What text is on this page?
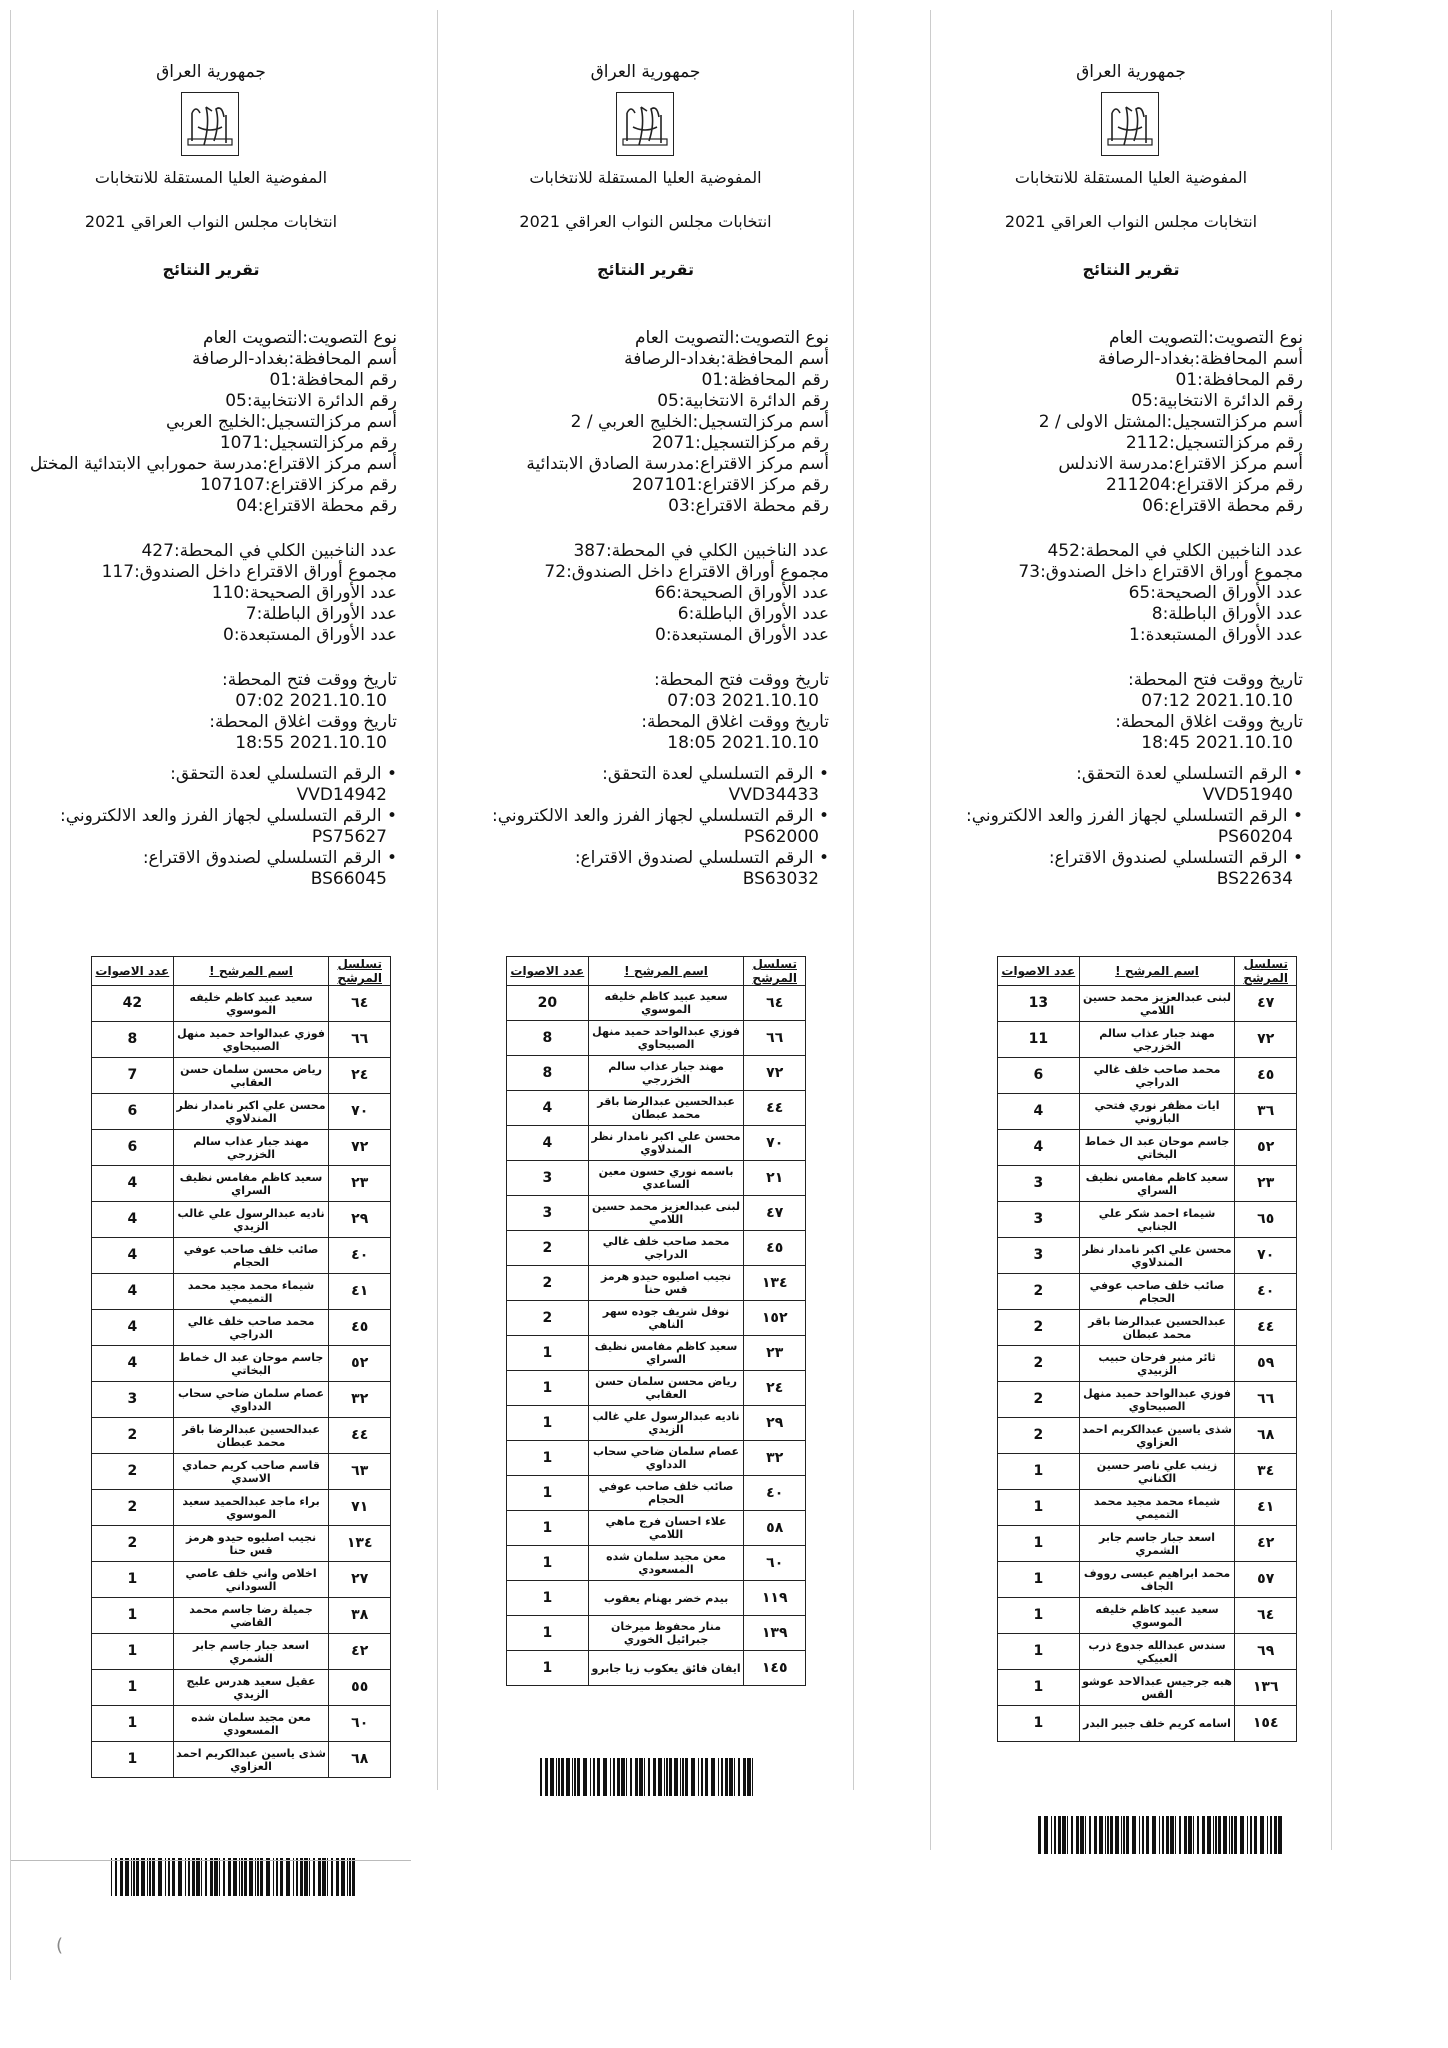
جمهورية العراق
المفوضية العليا المستقلة للانتخابات
انتخابات مجلس النواب العراقي 2021
تقرير النتائج
نوع التصويت:التصويت العام
أسم المحافظة:بغداد-الرصافة
رقم المحافظة:01
رقم الدائرة الانتخابية:05
أسم مركزالتسجيل:الخليج العربي
رقم مركزالتسجيل:1071
أسم مركز الاقتراع:مدرسة حمورابي الابتدائية المختل
رقم مركز الاقتراع:107107
رقم محطة الاقتراع:04
عدد الناخبين الكلي في المحطة:427
مجموع أوراق الاقتراع داخل الصندوق:117
عدد الأوراق الصحيحة:110
عدد الأوراق الباطلة:7
عدد الأوراق المستبعدة:0
تاريخ ووقت فتح المحطة:
2021.10.10 07:02
تاريخ ووقت اغلاق المحطة:
2021.10.10 18:55
• الرقم التسلسلي لعدة التحقق:
VVD14942
• الرقم التسلسلي لجهاز الفرز والعد الالكتروني:
PS75627
• الرقم التسلسلي لصندوق الاقتراع:
BS66045
تسلسل المرشح	اسم المرشح !	عدد الاصوات
٦٤	سعيد عبيد كاظم خليفه الموسوي	42
٦٦	فوزي عبدالواحد حميد منهل الصبيحاوي	8
٢٤	رياض محسن سلمان حسن العقابي	7
٧٠	محسن علي اكبر نامدار نظر المندلاوي	6
٧٢	مهند جبار عذاب سالم الخزرجي	6
٢٣	سعيد كاظم مفامس نظيف السراي	4
٢٩	ناديه عبدالرسول علي غالب الزيدي	4
٤٠	صائب خلف صاحب عوفي الحجام	4
٤١	شيماء محمد مجيد محمد التميمي	4
٤٥	محمد صاحب خلف غالي الدراجي	4
٥٢	جاسم موحان عبد ال خماط البخاتي	4
٣٢	عصام سلمان ضاحي سحاب الدداوي	3
٤٤	عبدالحسين عبدالرضا باقر محمد عبطان	2
٦٣	قاسم صاحب كريم حمادي الاسدي	2
٧١	براء ماجد عبدالحميد سعيد الموسوي	2
١٣٤	نجيب اصليوه حيدو هرمز قس حنا	2
٢٧	اخلاص واني خلف عاصي السوداني	1
٣٨	جميلة رضا جاسم محمد القاضي	1
٤٢	اسعد جبار جاسم جابر الشمري	1
٥٥	عقيل سعيد هدرس عليج الزيدي	1
٦٠	معن مجيد سلمان شده المسعودي	1
٦٨	شذى ياسين عبدالكريم احمد العزاوي	1
جمهورية العراق
المفوضية العليا المستقلة للانتخابات
انتخابات مجلس النواب العراقي 2021
تقرير النتائج
نوع التصويت:التصويت العام
أسم المحافظة:بغداد-الرصافة
رقم المحافظة:01
رقم الدائرة الانتخابية:05
أسم مركزالتسجيل:الخليج العربي / 2
رقم مركزالتسجيل:2071
أسم مركز الاقتراع:مدرسة الصادق الابتدائية
رقم مركز الاقتراع:207101
رقم محطة الاقتراع:03
عدد الناخبين الكلي في المحطة:387
مجموع أوراق الاقتراع داخل الصندوق:72
عدد الأوراق الصحيحة:66
عدد الأوراق الباطلة:6
عدد الأوراق المستبعدة:0
تاريخ ووقت فتح المحطة:
2021.10.10 07:03
تاريخ ووقت اغلاق المحطة:
2021.10.10 18:05
• الرقم التسلسلي لعدة التحقق:
VVD34433
• الرقم التسلسلي لجهاز الفرز والعد الالكتروني:
PS62000
• الرقم التسلسلي لصندوق الاقتراع:
BS63032
تسلسل المرشح	اسم المرشح !	عدد الاصوات
٦٤	سعيد عبيد كاظم خليفه الموسوي	20
٦٦	فوزي عبدالواحد حميد منهل الصبيحاوي	8
٧٢	مهند جبار عذاب سالم الخزرجي	8
٤٤	عبدالحسين عبدالرضا باقر محمد عبطان	4
٧٠	محسن علي اكبر نامدار نظر المندلاوي	4
٢١	باسمه نوري حسون معين الساعدي	3
٤٧	لبنى عبدالعزيز محمد حسين اللامي	3
٤٥	محمد صاحب خلف غالي الدراجي	2
١٣٤	نجيب اصليوه حيدو هرمز قس حنا	2
١٥٢	نوفل شريف جوده سهر الناهي	2
٢٣	سعيد كاظم مفامس نظيف السراي	1
٢٤	رياض محسن سلمان حسن العقابي	1
٢٩	ناديه عبدالرسول علي غالب الزيدي	1
٣٢	عصام سلمان ضاحي سحاب الدداوي	1
٤٠	صائب خلف صاحب عوفي الحجام	1
٥٨	علاء احسان فرج ماهي اللامي	1
٦٠	معن مجيد سلمان شده المسعودي	1
١١٩	بيدم خضر بهنام يعقوب	1
١٣٩	منار محفوظ ميرخان جبرائيل الخوري	1
١٤٥	ايفان فائق يعكوب زيا جابرو	1
جمهورية العراق
المفوضية العليا المستقلة للانتخابات
انتخابات مجلس النواب العراقي 2021
تقرير النتائج
نوع التصويت:التصويت العام
أسم المحافظة:بغداد-الرصافة
رقم المحافظة:01
رقم الدائرة الانتخابية:05
أسم مركزالتسجيل:المشتل الاولى / 2
رقم مركزالتسجيل:2112
أسم مركز الاقتراع:مدرسة الاندلس
رقم مركز الاقتراع:211204
رقم محطة الاقتراع:06
عدد الناخبين الكلي في المحطة:452
مجموع أوراق الاقتراع داخل الصندوق:73
عدد الأوراق الصحيحة:65
عدد الأوراق الباطلة:8
عدد الأوراق المستبعدة:1
تاريخ ووقت فتح المحطة:
2021.10.10 07:12
تاريخ ووقت اغلاق المحطة:
2021.10.10 18:45
• الرقم التسلسلي لعدة التحقق:
VVD51940
• الرقم التسلسلي لجهاز الفرز والعد الالكتروني:
PS60204
• الرقم التسلسلي لصندوق الاقتراع:
BS22634
تسلسل المرشح	اسم المرشح !	عدد الاصوات
٤٧	لبنى عبدالعزيز محمد حسين اللامي	13
٧٢	مهند جبار عذاب سالم الخزرجي	11
٤٥	محمد صاحب خلف غالي الدراجي	6
٣٦	ايات مظفر نوري فتحي البازوني	4
٥٢	جاسم موحان عبد ال خماط البخاتي	4
٢٣	سعيد كاظم مفامس نظيف السراي	3
٦٥	شيماء احمد شكر علي الجنابي	3
٧٠	محسن علي اكبر نامدار نظر المندلاوي	3
٤٠	صائب خلف صاحب عوفي الحجام	2
٤٤	عبدالحسين عبدالرضا باقر محمد عبطان	2
٥٩	ثائر منير فرحان حبيب الزبيدي	2
٦٦	فوزي عبدالواحد حميد منهل الصبيحاوي	2
٦٨	شذى ياسين عبدالكريم احمد العزاوي	2
٣٤	زينب علي ناصر حسين الكناني	1
٤١	شيماء محمد مجيد محمد التميمي	1
٤٢	اسعد جبار جاسم جابر الشمري	1
٥٧	محمد ابراهيم عيسى رووف الجاف	1
٦٤	سعيد عبيد كاظم خليفه الموسوي	1
٦٩	سندس عبدالله جدوع ذرب العبيكي	1
١٣٦	هبه جرجيس عبدالاحد عوشو القس	1
١٥٤	اسامه كريم خلف جبير البدر	1
(
